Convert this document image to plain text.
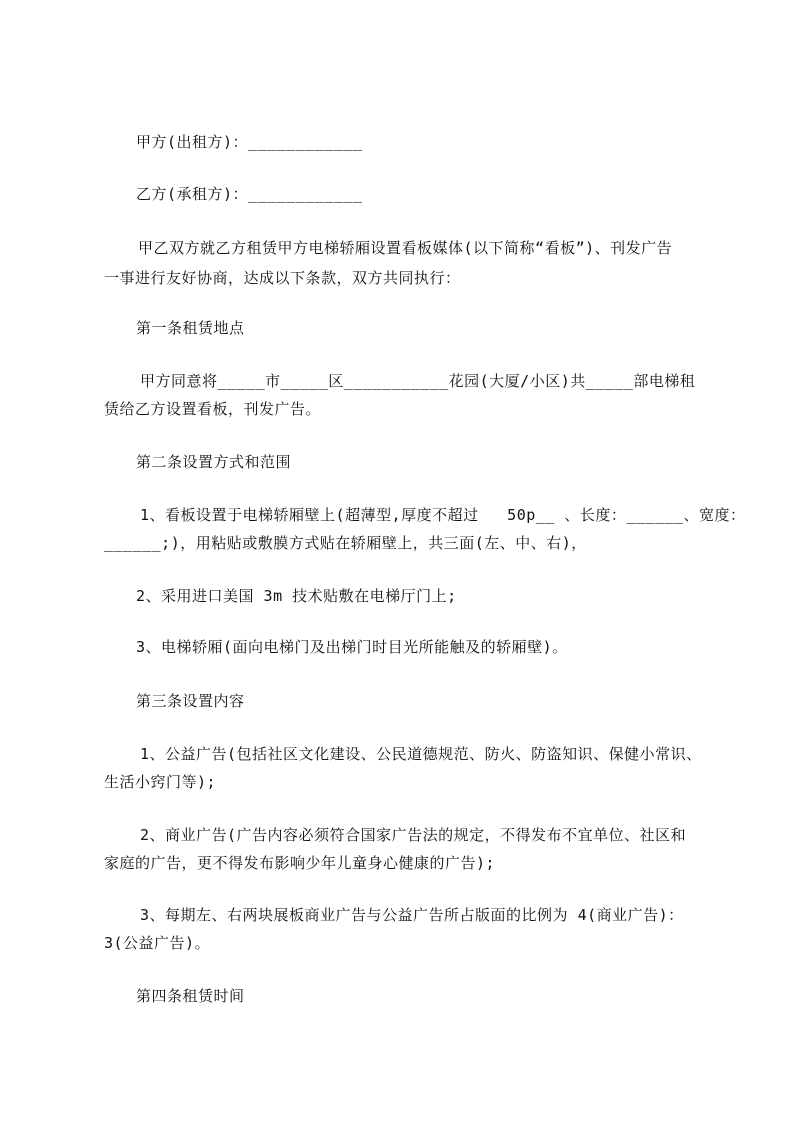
甲方(出租方)：____________
乙方(承租方)：____________
甲乙双方就乙方租赁甲方电梯轿厢设置看板媒体(以下简称“看板”)、刊发广告
一事进行友好协商，达成以下条款，双方共同执行：
第一条租赁地点
甲方同意将_____市_____区___________花园(大厦/小区)共_____部电梯租
赁给乙方设置看板，刊发广告。
第二条设置方式和范围
1、看板设置于电梯轿厢壁上(超薄型,厚度不超过   50p__ 、长度：______、宽度：
______;)，用粘贴或敷膜方式贴在轿厢壁上，共三面(左、中、右)，
2、采用进口美国 3m 技术贴敷在电梯厅门上;
3、电梯轿厢(面向电梯门及出梯门时目光所能触及的轿厢壁)。
第三条设置内容
1、公益广告(包括社区文化建设、公民道德规范、防火、防盗知识、保健小常识、
生活小窍门等);
2、商业广告(广告内容必须符合国家广告法的规定，不得发布不宜单位、社区和
家庭的广告，更不得发布影响少年儿童身心健康的广告);
3、每期左、右两块展板商业广告与公益广告所占版面的比例为 4(商业广告)：
3(公益广告)。
第四条租赁时间
